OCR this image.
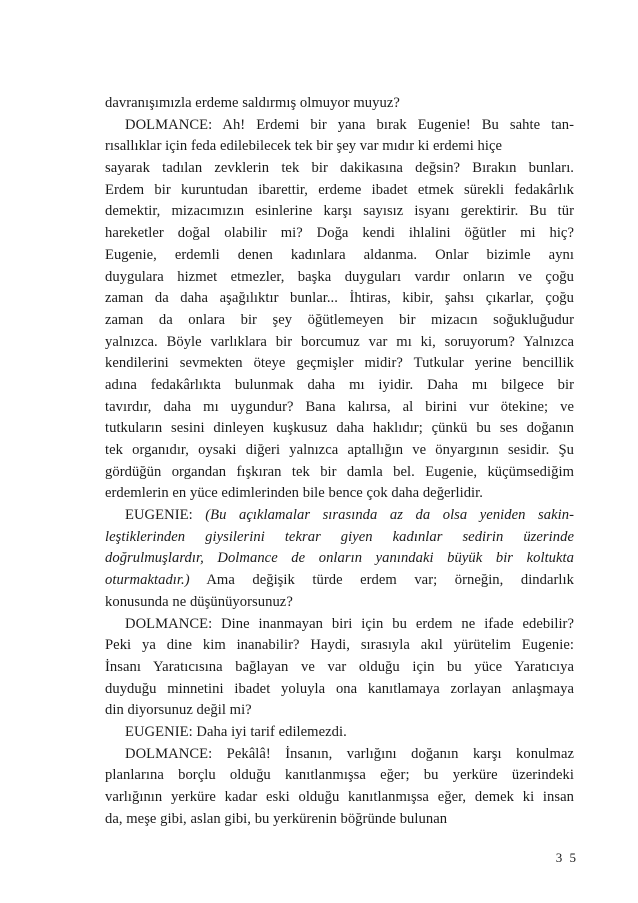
davranışımızla erdeme saldırmış olmuyor muyuz?
DOLMANCE: Ah! Erdemi bir yana bırak Eugenie! Bu sahte tan-
rısallıklar için feda edilebilecek tek bir şey var mıdır ki erdemi hiçe
sayarak tadılan zevklerin tek bir dakikasına değsin? Bırakın bunları.
Erdem bir kuruntudan ibarettir, erdeme ibadet etmek sürekli fedakârlık
demektir, mizacımızın esinlerine karşı sayısız isyanı gerektirir. Bu tür
hareketler doğal olabilir mi? Doğa kendi ihlalini öğütler mi hiç?
Eugenie, erdemli denen kadınlara aldanma. Onlar bizimle aynı
duygulara hizmet etmezler, başka duyguları vardır onların ve çoğu
zaman da daha aşağılıktır bunlar... İhtiras, kibir, şahsı çıkarlar, çoğu
zaman da onlara bir şey öğütlemeyen bir mizacın soğukluğudur
yalnızca. Böyle varlıklara bir borcumuz var mı ki, soruyorum? Yalnızca
kendilerini sevmekten öteye geçmişler midir? Tutkular yerine bencillik
adına fedakârlıkta bulunmak daha mı iyidir. Daha mı bilgece bir
tavırdır, daha mı uygundur? Bana kalırsa, al birini vur ötekine; ve
tutkuların sesini dinleyen kuşkusuz daha haklıdır; çünkü bu ses doğanın
tek organıdır, oysaki diğeri yalnızca aptallığın ve önyargının sesidir. Şu
gördüğün organdan fışkıran tek bir damla bel. Eugenie, küçümsediğim
erdemlerin en yüce edimlerinden bile bence çok daha değerlidir.
EUGENIE: (Bu açıklamalar sırasında az da olsa yeniden sakin-
leştiklerinden giysilerini tekrar giyen kadınlar sedirin üzerinde
doğrulmuşlardır, Dolmance de onların yanındaki büyük bir koltukta
oturmaktadır.) Ama değişik türde erdem var; örneğin, dindarlık
konusunda ne düşünüyorsunuz?
DOLMANCE: Dine inanmayan biri için bu erdem ne ifade edebilir?
Peki ya dine kim inanabilir? Haydi, sırasıyla akıl yürütelim Eugenie:
İnsanı Yaratıcısına bağlayan ve var olduğu için bu yüce Yaratıcıya
duyduğu minnetini ibadet yoluyla ona kanıtlamaya zorlayan anlaşmaya
din diyorsunuz değil mi?
EUGENIE: Daha iyi tarif edilemezdi.
DOLMANCE: Pekâlâ! İnsanın, varlığını doğanın karşı konulmaz
planlarına borçlu olduğu kanıtlanmışsa eğer; bu yerküre üzerindeki
varlığının yerküre kadar eski olduğu kanıtlanmışsa eğer, demek ki insan
da, meşe gibi, aslan gibi, bu yerkürenin böğründe bulunan
3 5
